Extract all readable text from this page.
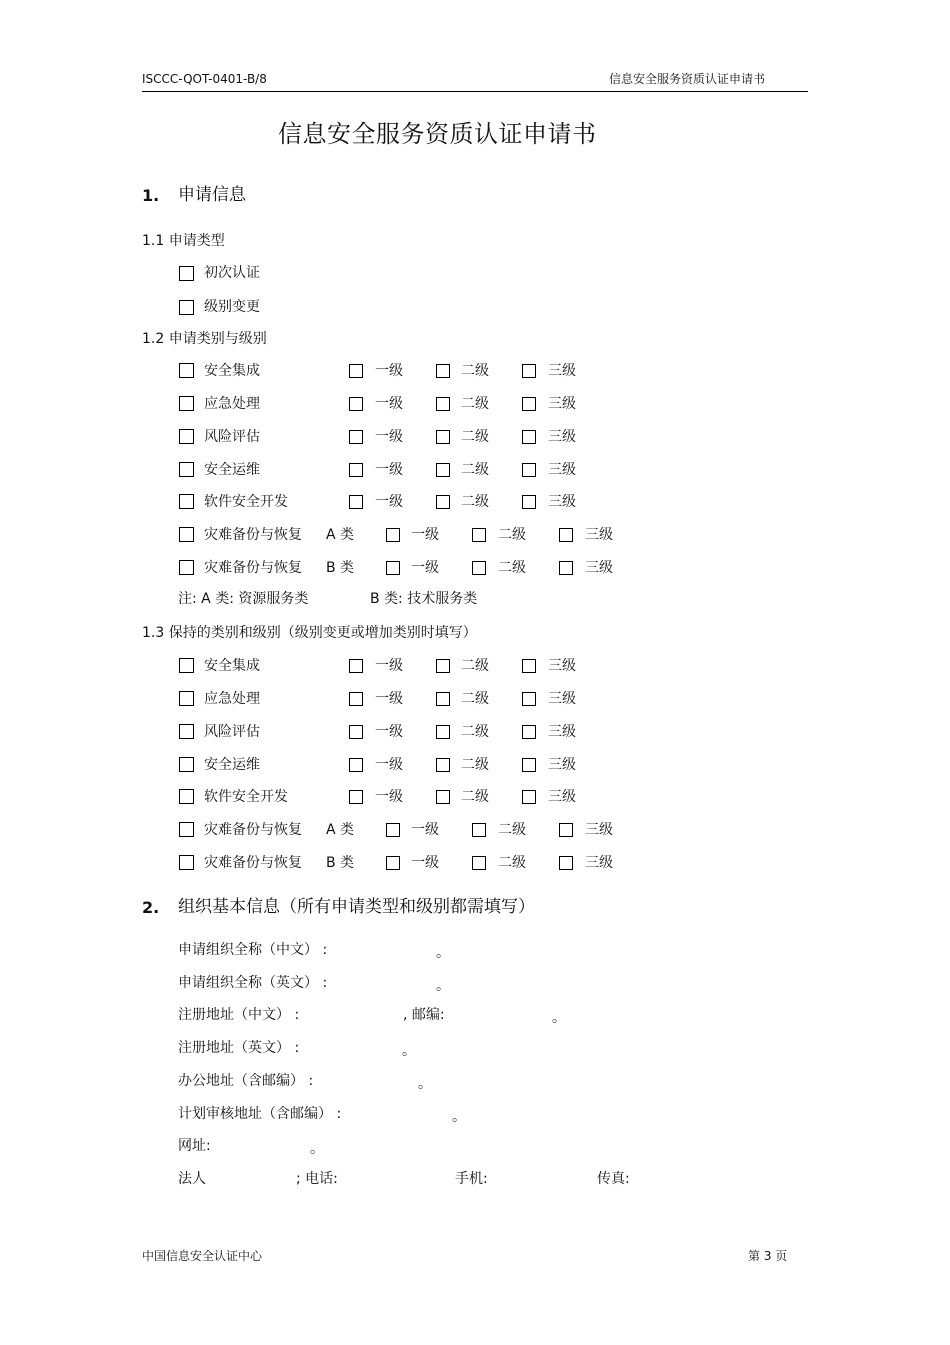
ISCCC-QOT-0401-B/8	信息安全服务资质认证申请书
信息安全服务资质认证申请书
1. 申请信息
1.1 申请类型
初次认证
级别变更
1.2 申请类别与级别
安全集成	一级	二级	三级
应急处理	一级	二级	三级
风险评估	一级	二级	三级
安全运维	一级	二级	三级
软件安全开发	一级	二级	三级
灾难备份与恢复 A 类	一级	二级	三级
灾难备份与恢复 B 类	一级	二级	三级
注: A 类: 资源服务类	B 类: 技术服务类
1.3 保持的类别和级别（级别变更或增加类别时填写）
安全集成	一级	二级	三级
应急处理	一级	二级	三级
风险评估	一级	二级	三级
安全运维	一级	二级	三级
软件安全开发	一级	二级	三级
灾难备份与恢复 A 类	一级	二级	三级
灾难备份与恢复 B 类	一级	二级	三级
2. 组织基本信息（所有申请类型和级别都需填写）
申请组织全称（中文） :	。
申请组织全称（英文） :	。
注册地址（中文） :	, 邮编:	。
注册地址（英文） :	。
办公地址（含邮编） :	。
计划审核地址（含邮编） :	。
网址:	。
法人	; 电话:	手机:	传真:
中国信息安全认证中心	第 3 页
